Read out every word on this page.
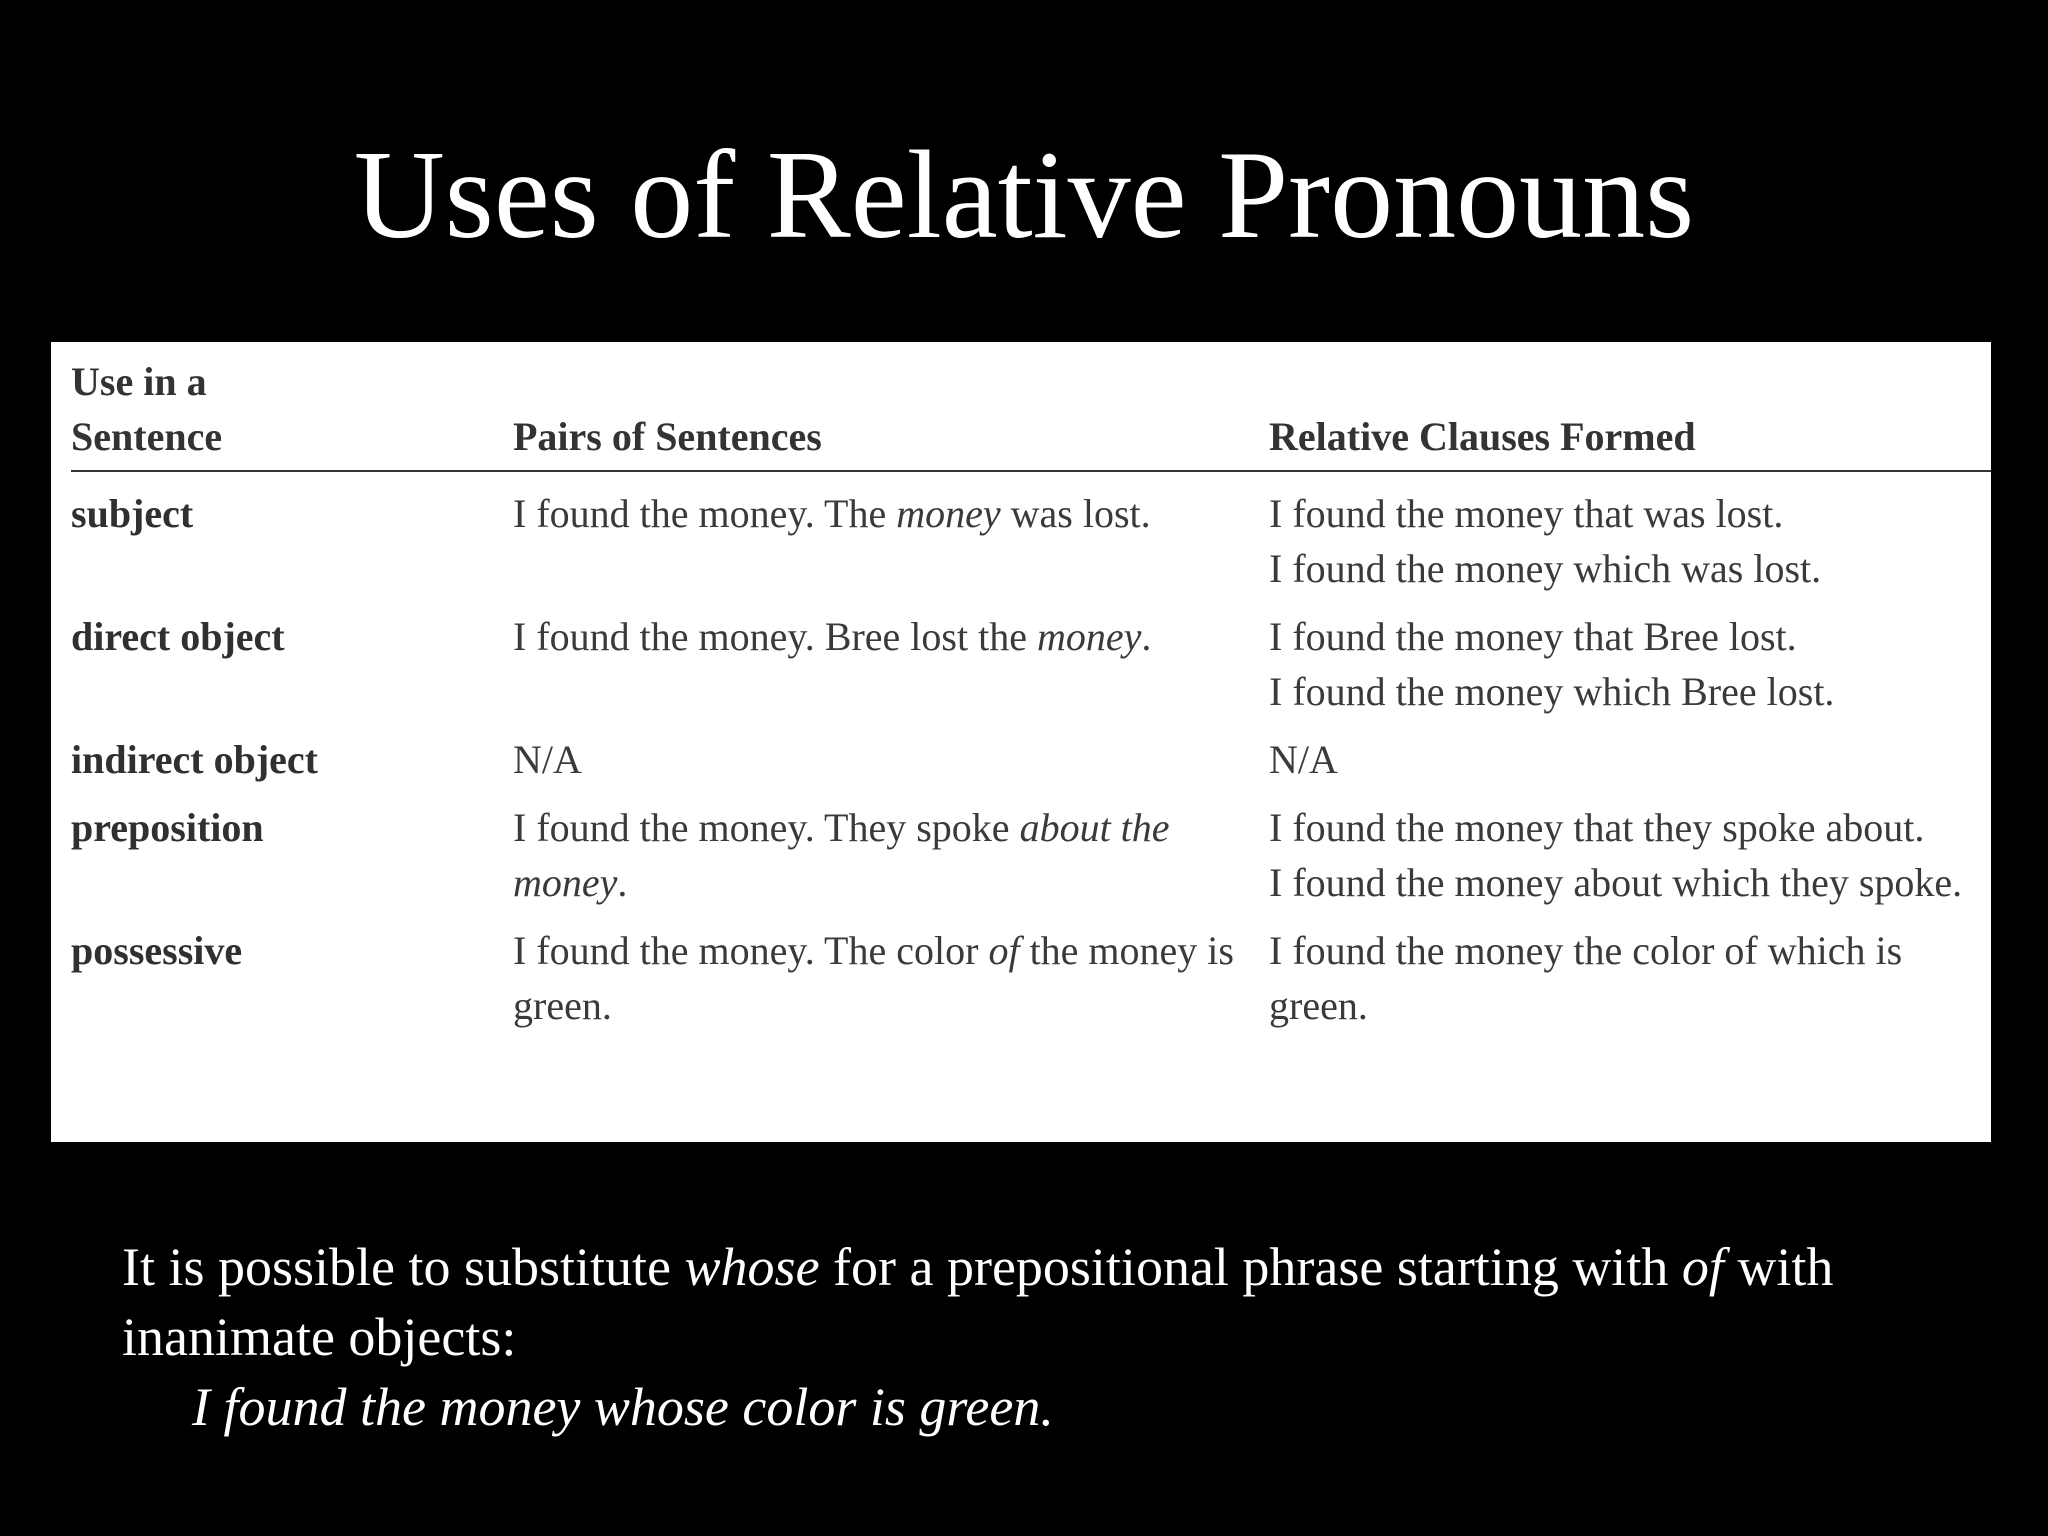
Uses of Relative Pronouns
Use in a
Sentence	Pairs of Sentences	Relative Clauses Formed
subject	I found the money. The money was lost.	I found the money that was lost.
I found the money which was lost.

direct object	I found the money. Bree lost the money.	I found the money that Bree lost.
I found the money which Bree lost.

indirect object	N/A	N/A

preposition	I found the money. They spoke about the money.	I found the money that they spoke about.
I found the money about which they spoke.

possessive	I found the money. The color of the money is green.	I found the money the color of which is green.
It is possible to substitute whose for a prepositional phrase starting with of with inanimate objects:
I found the money whose color is green.
